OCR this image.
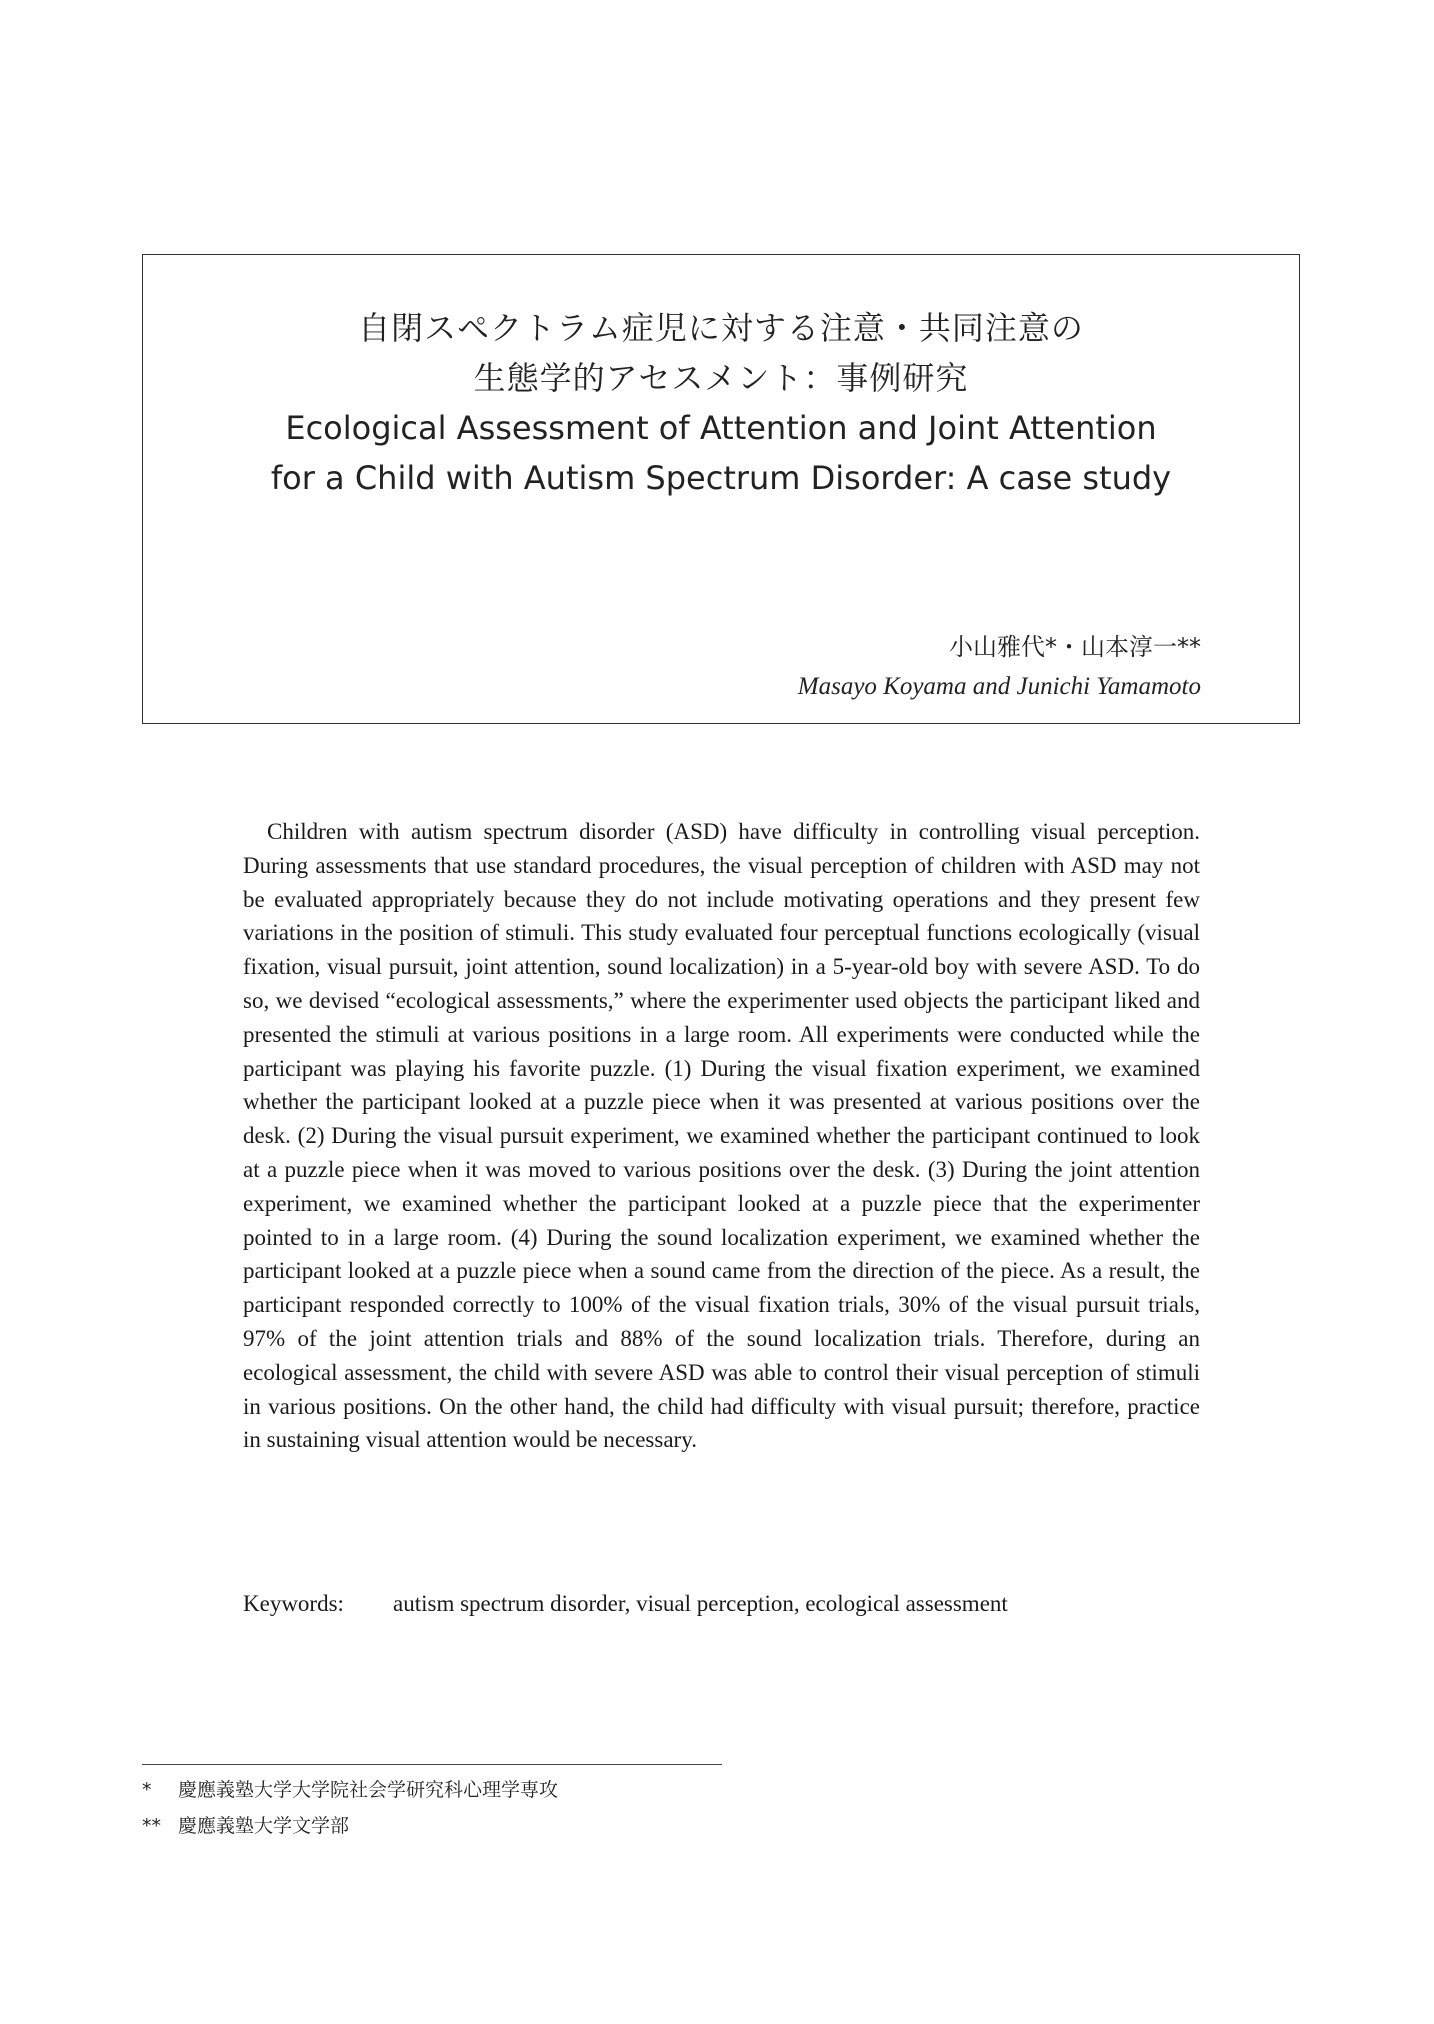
自閉スペクトラム症児に対する注意・共同注意の

生態学的アセスメント：事例研究

Ecological Assessment of Attention and Joint Attention

for a Child with Autism Spectrum Disorder: A case study

小山雅代*・山本淳一**
Masayo Koyama and Junichi Yamamoto

Children with autism spectrum disorder (ASD) have difficulty in controlling visual perception. During assessments that use standard procedures, the visual perception of children with ASD may not be evaluated appropriately because they do not include motivating operations and they present few variations in the position of stimuli. This study evaluated four perceptual functions ecologically (visual fixation, visual pursuit, joint attention, sound localization) in a 5-year-old boy with severe ASD. To do so, we devised “ecological assessments,” where the experimenter used objects the participant liked and presented the stimuli at various positions in a large room. All experiments were conducted while the participant was playing his favorite puzzle. (1) During the visual fixation experiment, we examined whether the participant looked at a puzzle piece when it was presented at various positions over the desk. (2) During the visual pursuit experiment, we examined whether the participant continued to look at a puzzle piece when it was moved to various positions over the desk. (3) During the joint attention experiment, we examined whether the participant looked at a puzzle piece that the experimenter pointed to in a large room. (4) During the sound localization experiment, we examined whether the participant looked at a puzzle piece when a sound came from the direction of the piece. As a result, the participant responded correctly to 100% of the visual fixation trials, 30% of the visual pursuit trials, 97% of the joint attention trials and 88% of the sound localization trials. Therefore, during an ecological assessment, the child with severe ASD was able to control their visual perception of stimuli in various positions. On the other hand, the child had difficulty with visual pursuit; therefore, practice in sustaining visual attention would be necessary.

Keywords: autism spectrum disorder, visual perception, ecological assessment
* 慶應義塾大学大学院社会学研究科心理学専攻
** 慶應義塾大学文学部
